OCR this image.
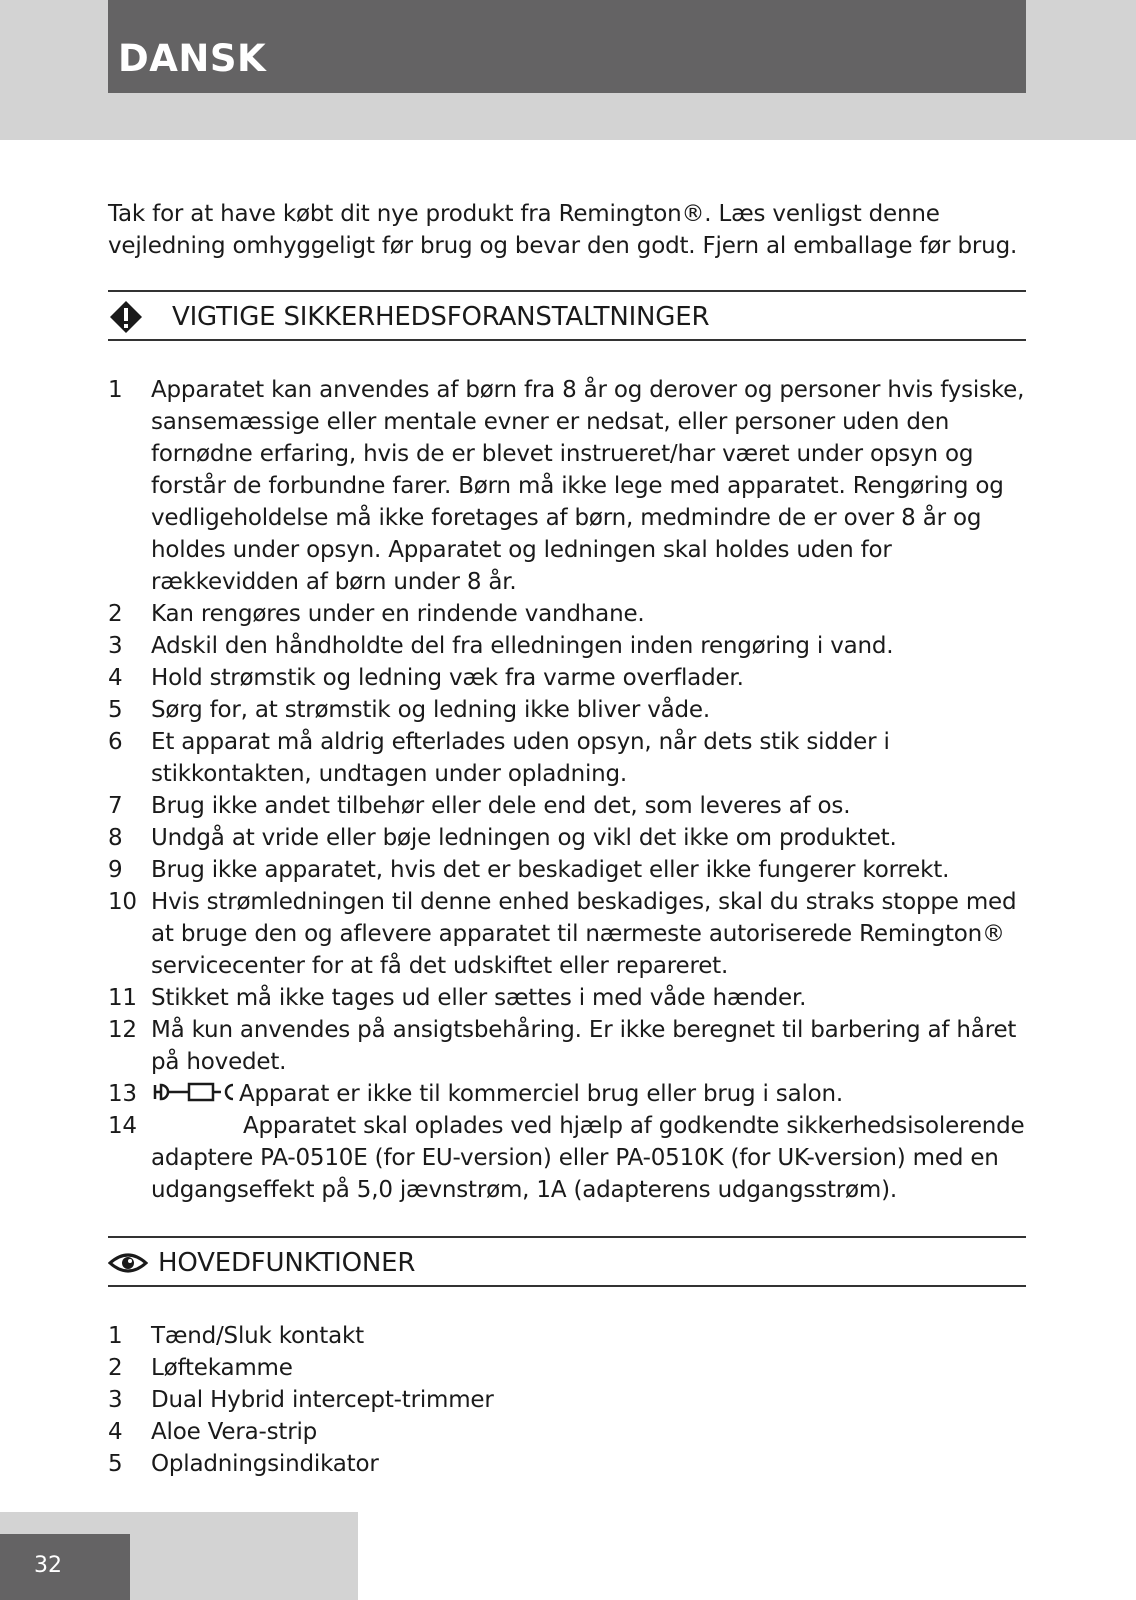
DANSK

Tak for at have købt dit nye produkt fra Remington®. Læs venligst denne vejledning omhyggeligt før brug og bevar den godt. Fjern al emballage før brug.

VIGTIGE SIKKERHEDSFORANSTALTNINGER
1 Apparatet kan anvendes af børn fra 8 år og derover og personer hvis fysiske, sansemæssige eller mentale evner er nedsat, eller personer uden den fornødne erfaring, hvis de er blevet instrueret/har været under opsyn og forstår de forbundne farer. Børn må ikke lege med apparatet. Rengøring og vedligeholdelse må ikke foretages af børn, medmindre de er over 8 år og holdes under opsyn. Apparatet og ledningen skal holdes uden for rækkevidden af børn under 8 år.
2 Kan rengøres under en rindende vandhane.
3 Adskil den håndholdte del fra elledningen inden rengøring i vand.
4 Hold strømstik og ledning væk fra varme overflader.
5 Sørg for, at strømstik og ledning ikke bliver våde.
6 Et apparat må aldrig efterlades uden opsyn, når dets stik sidder i stikkontakten, undtagen under opladning.
7 Brug ikke andet tilbehør eller dele end det, som leveres af os.
8 Undgå at vride eller bøje ledningen og vikl det ikke om produktet.
9 Brug ikke apparatet, hvis det er beskadiget eller ikke fungerer korrekt.
10 Hvis strømledningen til denne enhed beskadiges, skal du straks stoppe med at bruge den og aflevere apparatet til nærmeste autoriserede Remington® servicecenter for at få det udskiftet eller repareret.
11 Stikket må ikke tages ud eller sættes i med våde hænder.
12 Må kun anvendes på ansigtsbehåring. Er ikke beregnet til barbering af håret på hovedet.
13	Apparat er ikke til kommerciel brug eller brug i salon.
14	Apparatet skal oplades ved hjælp af godkendte sikkerhedsisolerende adaptere PA-0510E (for EU-version) eller PA-0510K (for UK-version) med en udgangseffekt på 5,0 jævnstrøm, 1A (adapterens udgangsstrøm).
HOVEDFUNKTIONER
1 Tænd/Sluk kontakt
2 Løftekamme
3 Dual Hybrid intercept-trimmer
4 Aloe Vera-strip
5 Opladningsindikator
32
